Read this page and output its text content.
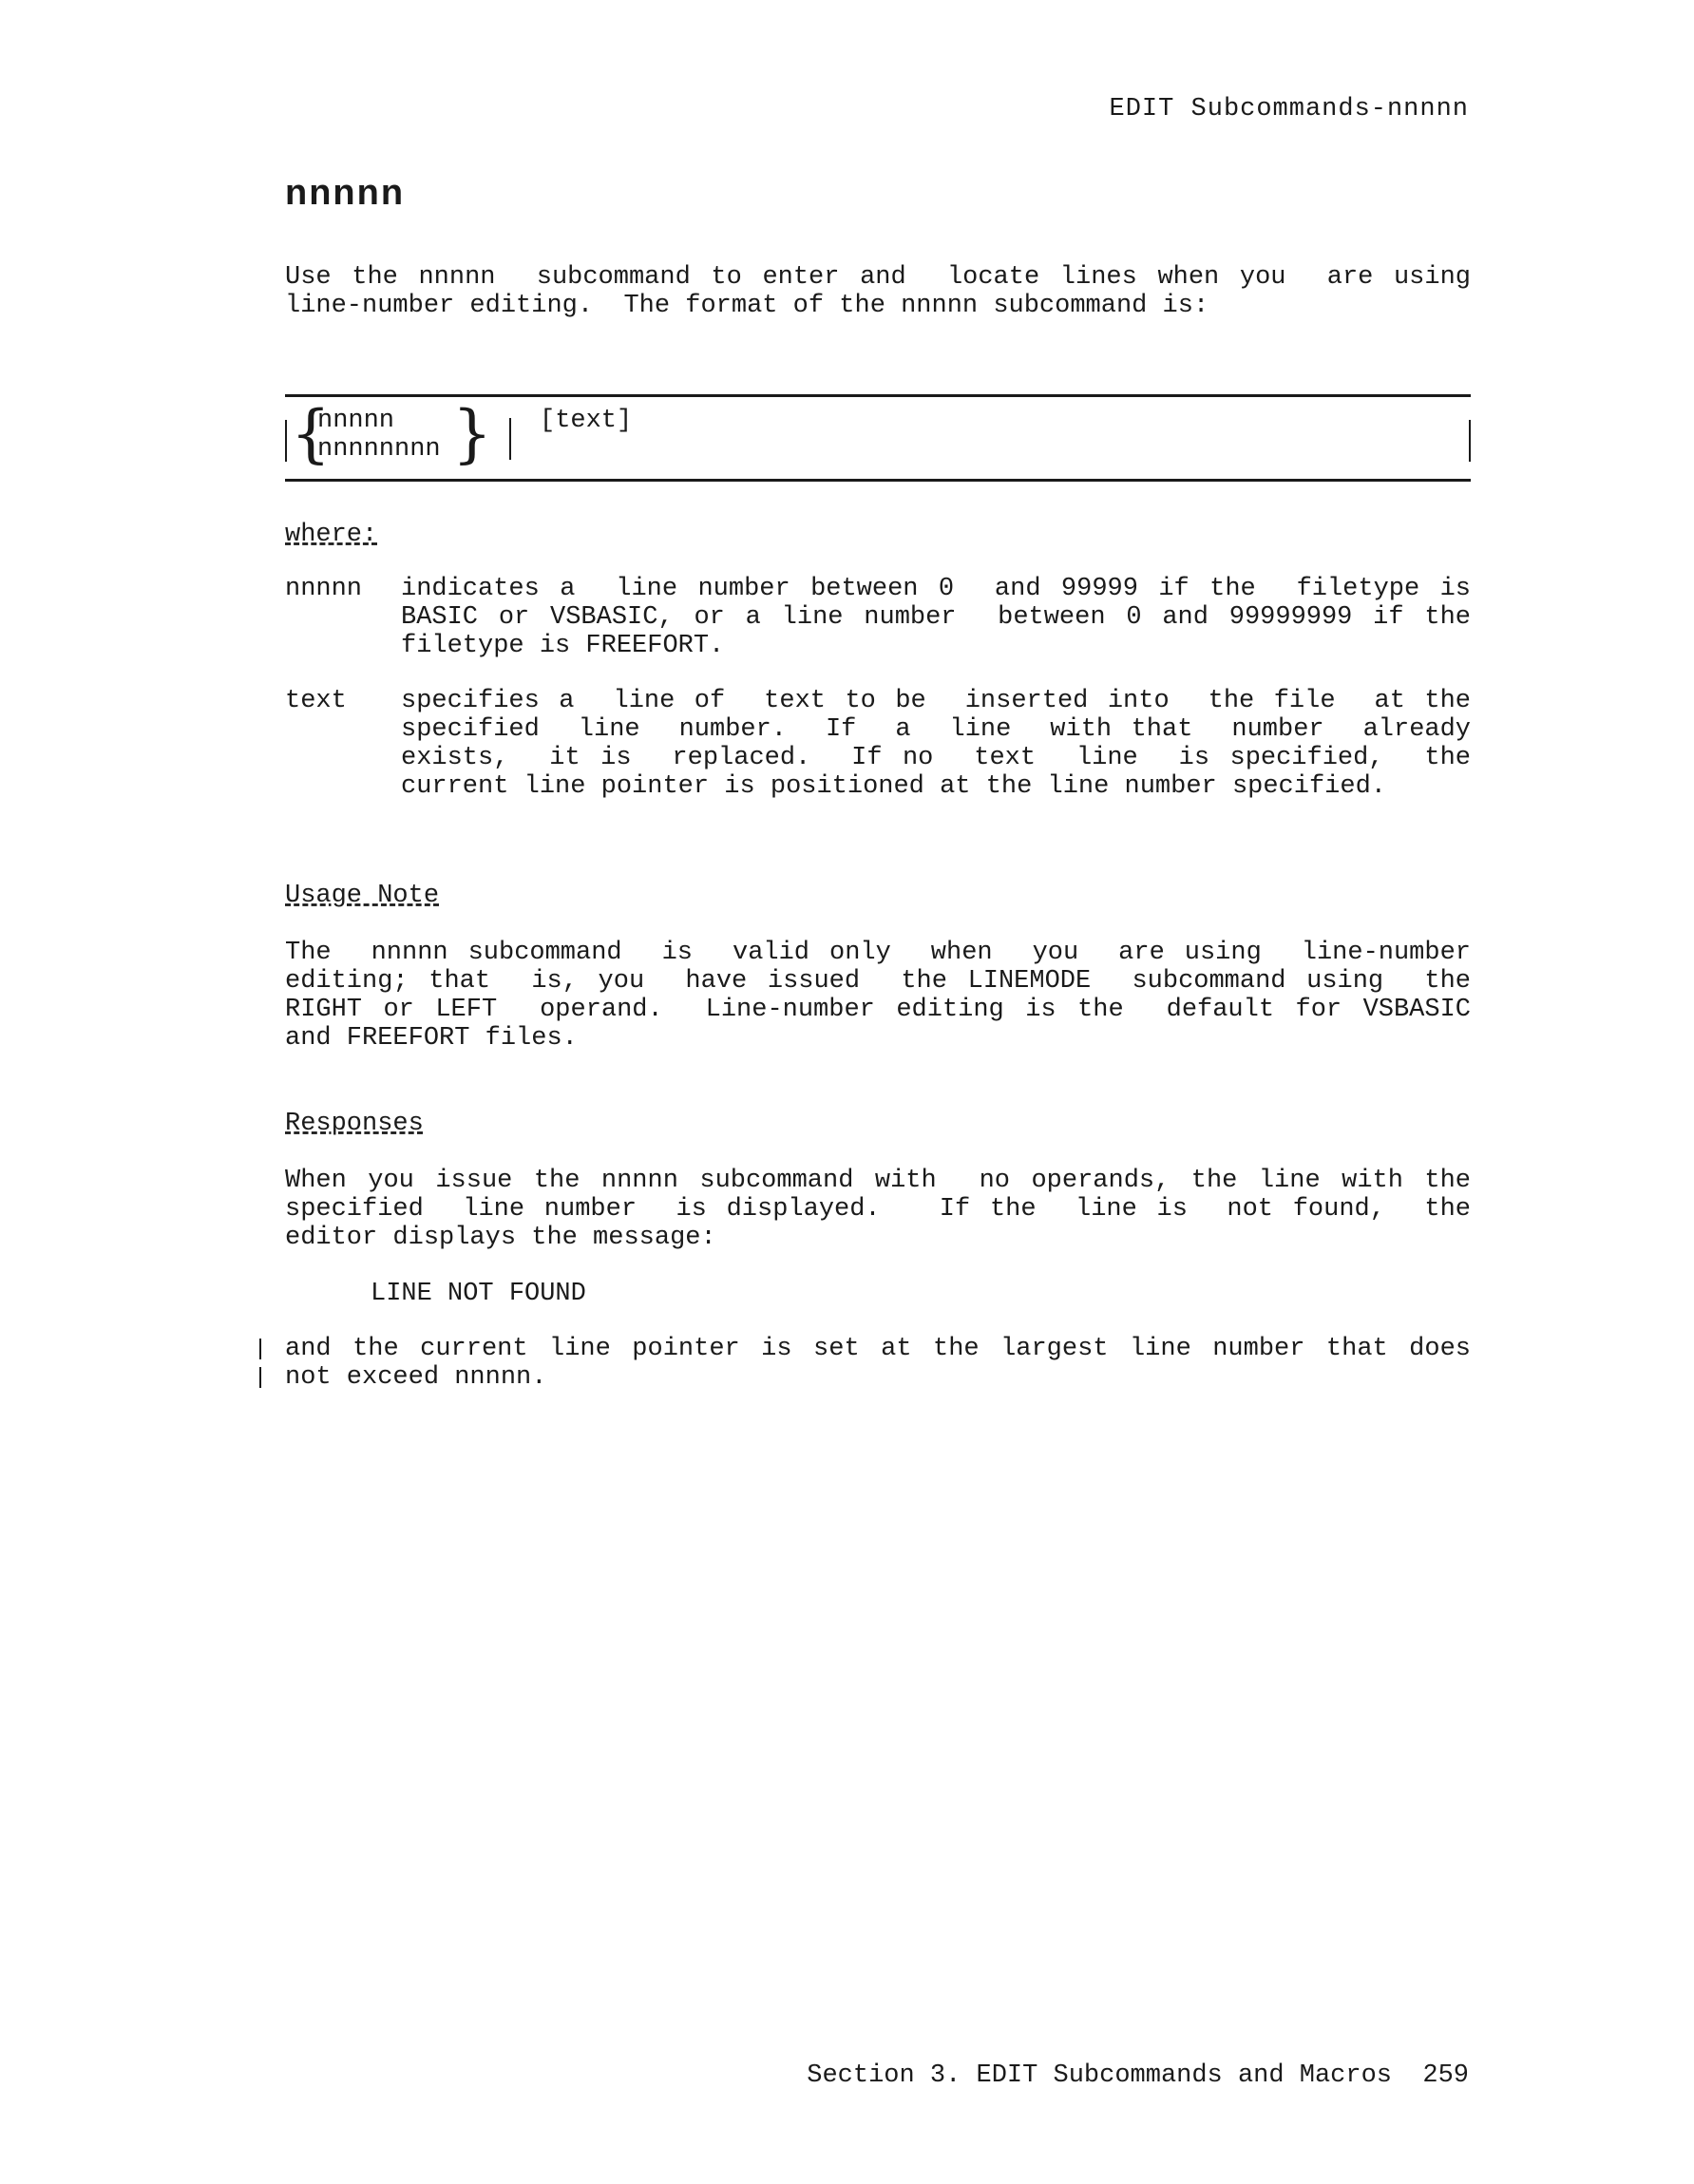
EDIT Subcommands-nnnnn
nnnnn
Use the nnnnn  subcommand to enter and  locate lines when you  are using
line-number editing.  The format of the nnnnn subcommand is:
{
nnnnn
nnnnnnnn } [text]
where:
nnnnn indicates a  line number between 0  and 99999 if the  filetype is
BASIC or VSBASIC, or a line number  between 0 and 99999999 if the
filetype is FREEFORT.
text specifies a  line of  text to be  inserted into  the file  at the
specified  line  number.  If  a  line  with that  number  already
exists,  it is  replaced.  If no  text  line  is specified,  the
current line pointer is positioned at the line number specified.
Usage Note
The  nnnnn subcommand  is  valid only  when  you  are using  line-number
editing; that  is, you  have issued  the LINEMODE  subcommand using  the
RIGHT or LEFT  operand.  Line-number editing is the  default for VSBASIC
and FREEFORT files.
Responses
When you issue the nnnnn subcommand with  no operands, the line with the
specified  line number  is displayed.   If the  line is  not found,  the
editor displays the message:
LINE NOT FOUND
and the current line pointer is set at the largest line number that does
not exceed nnnnn.
Section 3. EDIT Subcommands and Macros  259
